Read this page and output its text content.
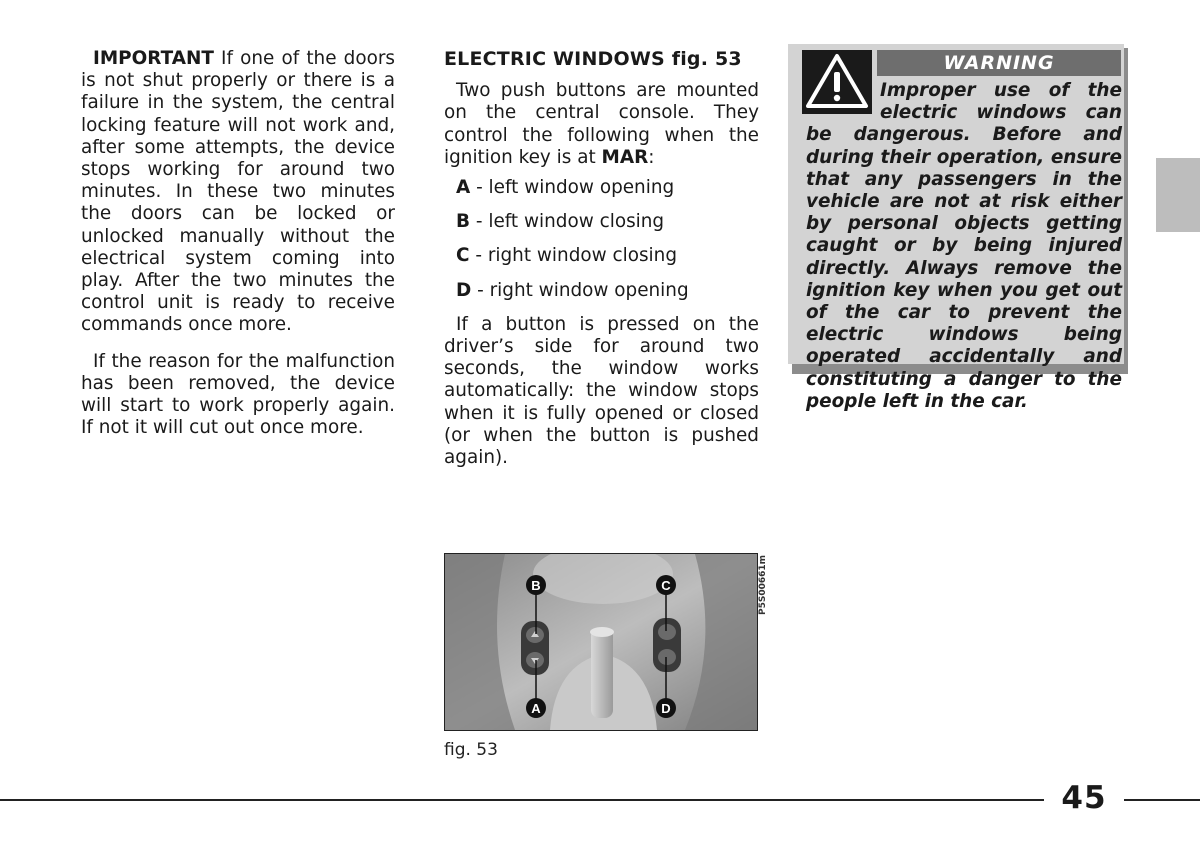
IMPORTANT If one of the doors is not shut properly or there is a failure in the system, the central locking feature will not work and, after some attempts, the device stops working for around two minutes. In these two minutes the doors can be locked or unlocked manually without the electrical system coming into play. After the two minutes the control unit is ready to receive commands once more.

If the reason for the malfunction has been removed, the device will start to work properly again. If not it will cut out once more.

ELECTRIC WINDOWS fig. 53

Two push buttons are mounted on the central console. They control the following when the ignition key is at MAR:

A - left window opening
B - left window closing
C - right window closing
D - right window opening

If a button is pressed on the driver’s side for around two seconds, the window works automatically: the window stops when it is fully opened or closed (or when the button is pushed again).

WARNING
Improper use of the electric windows can be dangerous. Before and during their operation, ensure that any passengers in the vehicle are not at risk either by personal objects getting caught or by being injured directly. Always remove the ignition key when you get out of the car to prevent the electric windows being operated accidentally and constituting a danger to the people left in the car.
B	C
A	D
P5S00661m
fig. 53
45
